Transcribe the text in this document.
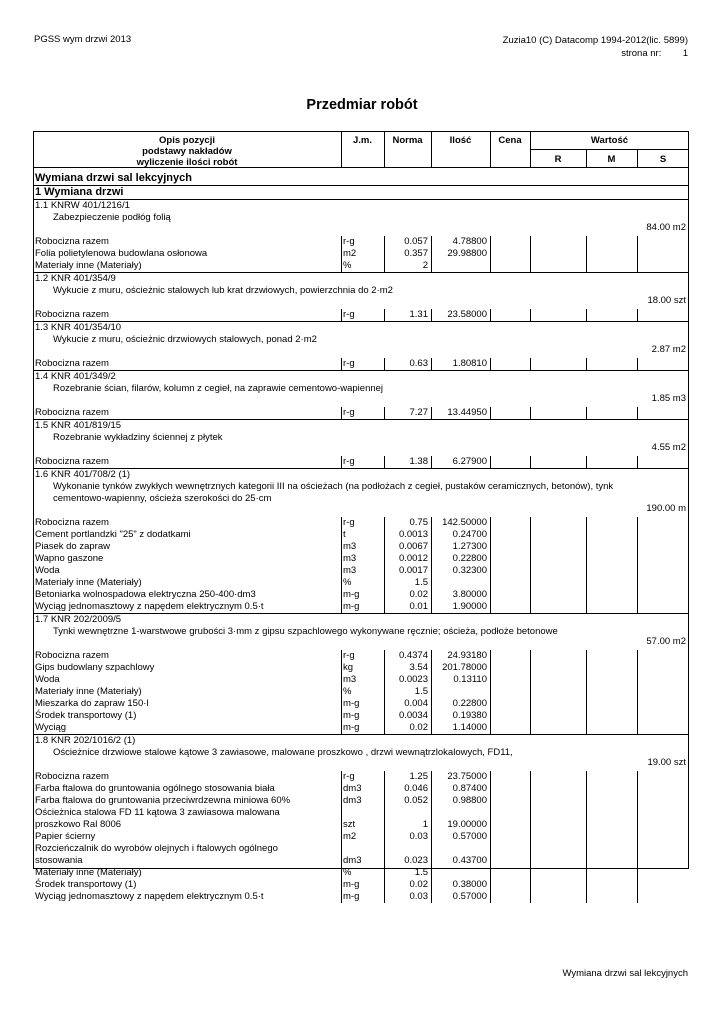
PGSS wym drzwi 2013	Zuzia10 (C) Datacomp 1994-2012(lic. 5899)
strona nr: 1
Przedmiar robót
Opis pozycji
podstawy nakładów
wyliczenie ilości robót
J.m.	Norma	Ilość	Cena	Wartość
R	M	S
Wymiana drzwi sal lekcyjnych
1 Wymiana drzwi
1.1 KNRW 401/1216/1
Zabezpieczenie podłóg folią
84.00 m2
Robocizna razem	r-g	0.057	4.78800
Folia polietylenowa budowlana osłonowa	m2	0.357	29.98800
Materiały inne (Materiały)	%	2
1.2 KNR 401/354/9
Wykucie z muru, ościeżnic stalowych lub krat drzwiowych, powierzchnia do 2·m2
18.00 szt
Robocizna razem	r-g	1.31	23.58000
1.3 KNR 401/354/10
Wykucie z muru, ościeżnic drzwiowych stalowych, ponad 2·m2
2.87 m2
Robocizna razem	r-g	0.63	1.80810
1.4 KNR 401/349/2
Rozebranie ścian, filarów, kolumn z cegieł, na zaprawie cementowo-wapiennej
1.85 m3
Robocizna razem	r-g	7.27	13.44950
1.5 KNR 401/819/15
Rozebranie wykładziny ściennej z płytek
4.55 m2
Robocizna razem	r-g	1.38	6.27900
1.6 KNR 401/708/2 (1)
Wykonanie tynków zwykłych wewnętrznych kategorii III na ościeżach (na podłożach z cegieł, pustaków ceramicznych, betonów), tynk
cementowo-wapienny, ościeża szerokości do 25·cm
190.00 m
Robocizna razem	r-g	0.75	142.50000
Cement portlandzki "25" z dodatkami	t	0.0013	0.24700
Piasek do zapraw	m3	0.0067	1.27300
Wapno gaszone	m3	0.0012	0.22800
Woda	m3	0.0017	0.32300
Materiały inne (Materiały)	%	1.5
Betoniarka wolnospadowa elektryczna 250-400·dm3	m-g	0.02	3.80000
Wyciąg jednomasztowy z napędem elektrycznym 0.5·t	m-g	0.01	1.90000
1.7 KNR 202/2009/5
Tynki wewnętrzne 1-warstwowe grubości 3·mm z gipsu szpachlowego wykonywane ręcznie; ościeża, podłoże betonowe
57.00 m2
Robocizna razem	r-g	0.4374	24.93180
Gips budowlany szpachlowy	kg	3.54	201.78000
Woda	m3	0.0023	0.13110
Materiały inne (Materiały)	%	1.5
Mieszarka do zapraw 150·l	m-g	0.004	0.22800
Środek transportowy (1)	m-g	0.0034	0.19380
Wyciąg	m-g	0.02	1.14000
1.8 KNR 202/1016/2 (1)
Ościeżnice drzwiowe stalowe kątowe 3 zawiasowe, malowane proszkowo , drzwi wewnątrzlokalowych, FD11,
19.00 szt
Robocizna razem	r-g	1.25	23.75000
Farba ftalowa do gruntowania ogólnego stosowania biała	dm3	0.046	0.87400
Farba ftalowa do gruntowania przeciwrdzewna miniowa 60%	dm3	0.052	0.98800
Ościeżnica stalowa FD 11 kątowa 3 zawiasowa malowana
proszkowo Ral 8006	szt	1	19.00000
Papier ścierny	m2	0.03	0.57000
Rozcieńczalnik do wyrobów olejnych i ftalowych ogólnego
stosowania	dm3	0.023	0.43700
Materiały inne (Materiały)	%	1.5
Środek transportowy (1)	m-g	0.02	0.38000
Wyciąg jednomasztowy z napędem elektrycznym 0.5·t	m-g	0.03	0.57000
Wymiana drzwi sal lekcyjnych
